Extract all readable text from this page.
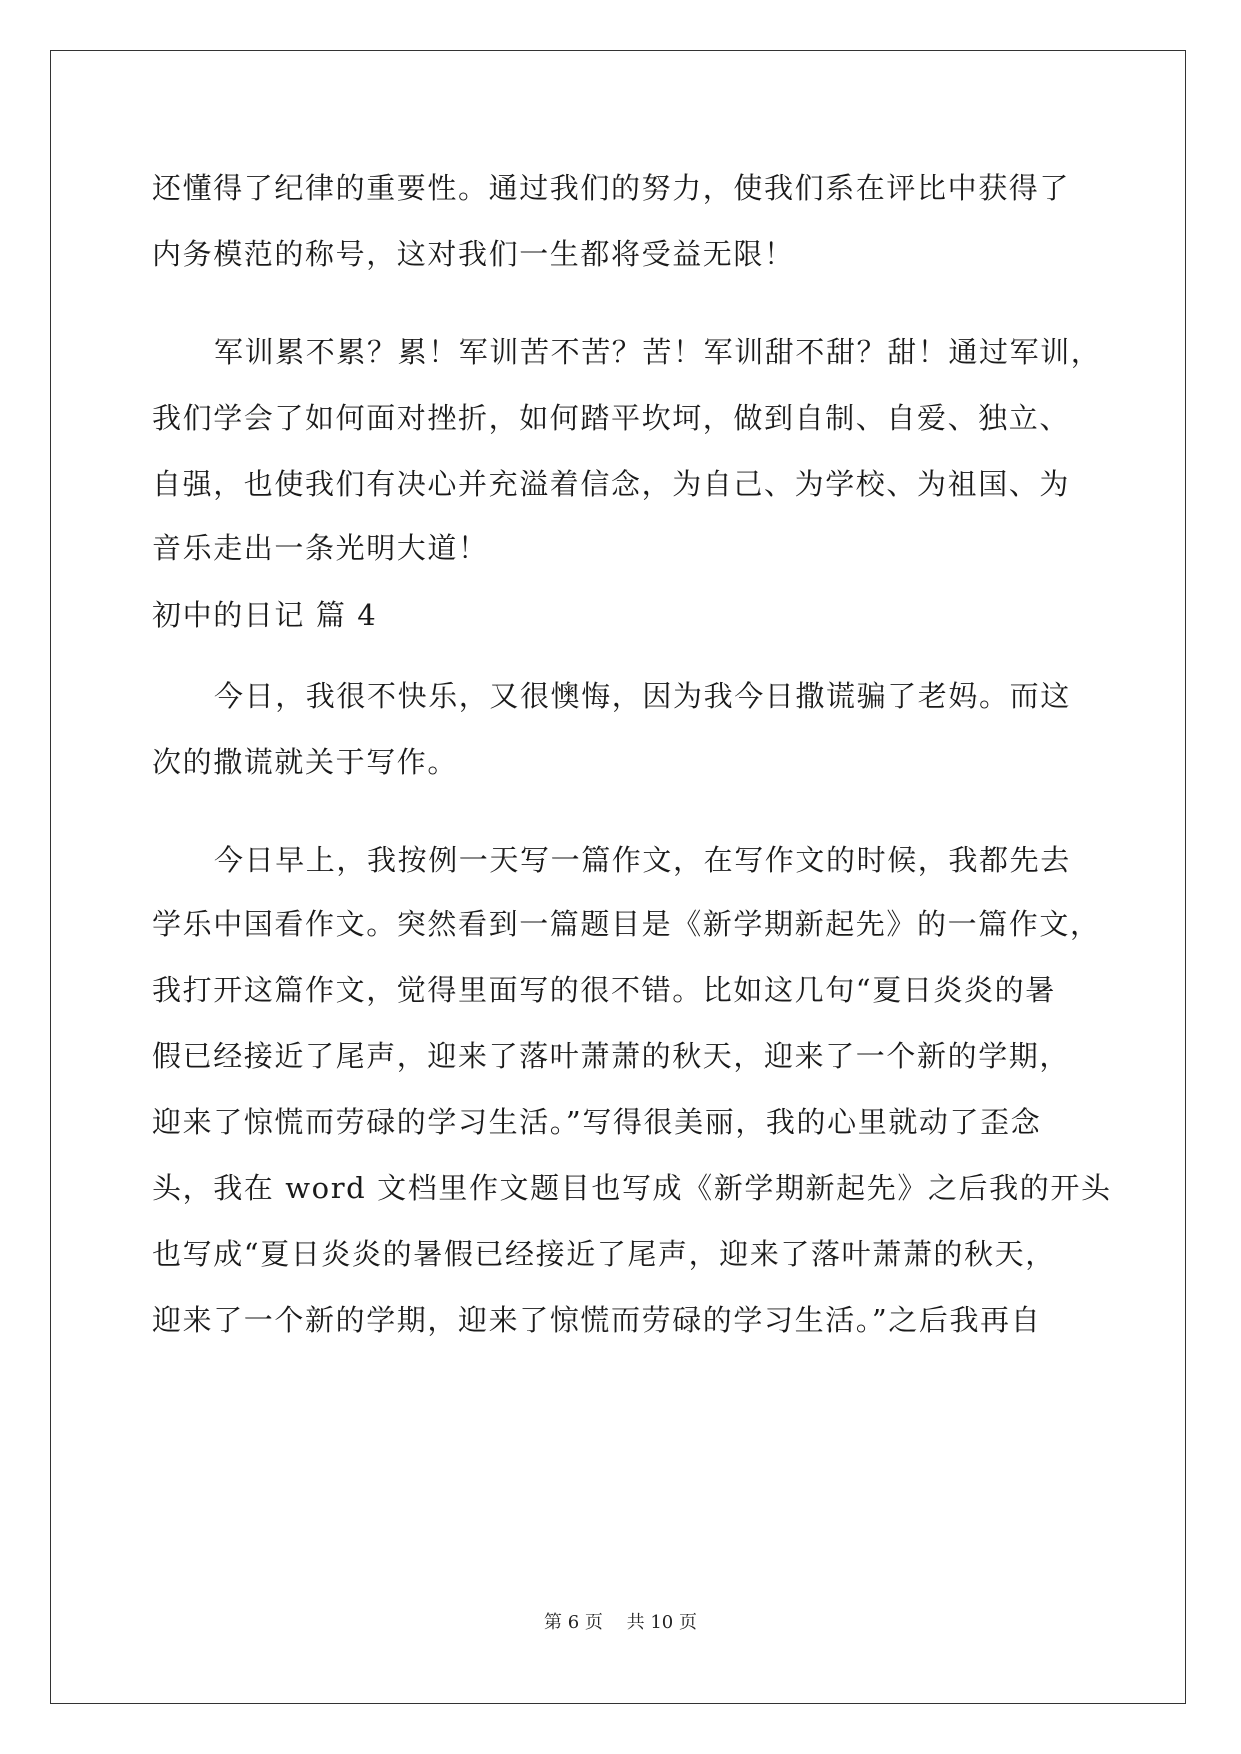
还懂得了纪律的重要性。通过我们的努力，使我们系在评比中获得了
内务模范的称号，这对我们一生都将受益无限！
军训累不累？累！军训苦不苦？苦！军训甜不甜？甜！通过军训，
我们学会了如何面对挫折，如何踏平坎坷，做到自制、自爱、独立、
自强，也使我们有决心并充溢着信念，为自己、为学校、为祖国、为
音乐走出一条光明大道！
初中的日记 篇 4
今日，我很不快乐，又很懊悔，因为我今日撒谎骗了老妈。而这
次的撒谎就关于写作。
今日早上，我按例一天写一篇作文，在写作文的时候，我都先去
学乐中国看作文。突然看到一篇题目是《新学期新起先》的一篇作文，
我打开这篇作文，觉得里面写的很不错。比如这几句“夏日炎炎的暑
假已经接近了尾声，迎来了落叶萧萧的秋天，迎来了一个新的学期，
迎来了惊慌而劳碌的学习生活。”写得很美丽，我的心里就动了歪念
头，我在 word 文档里作文题目也写成《新学期新起先》之后我的开头
也写成“夏日炎炎的暑假已经接近了尾声，迎来了落叶萧萧的秋天，
迎来了一个新的学期，迎来了惊慌而劳碌的学习生活。”之后我再自
第 6 页　 共 10 页
